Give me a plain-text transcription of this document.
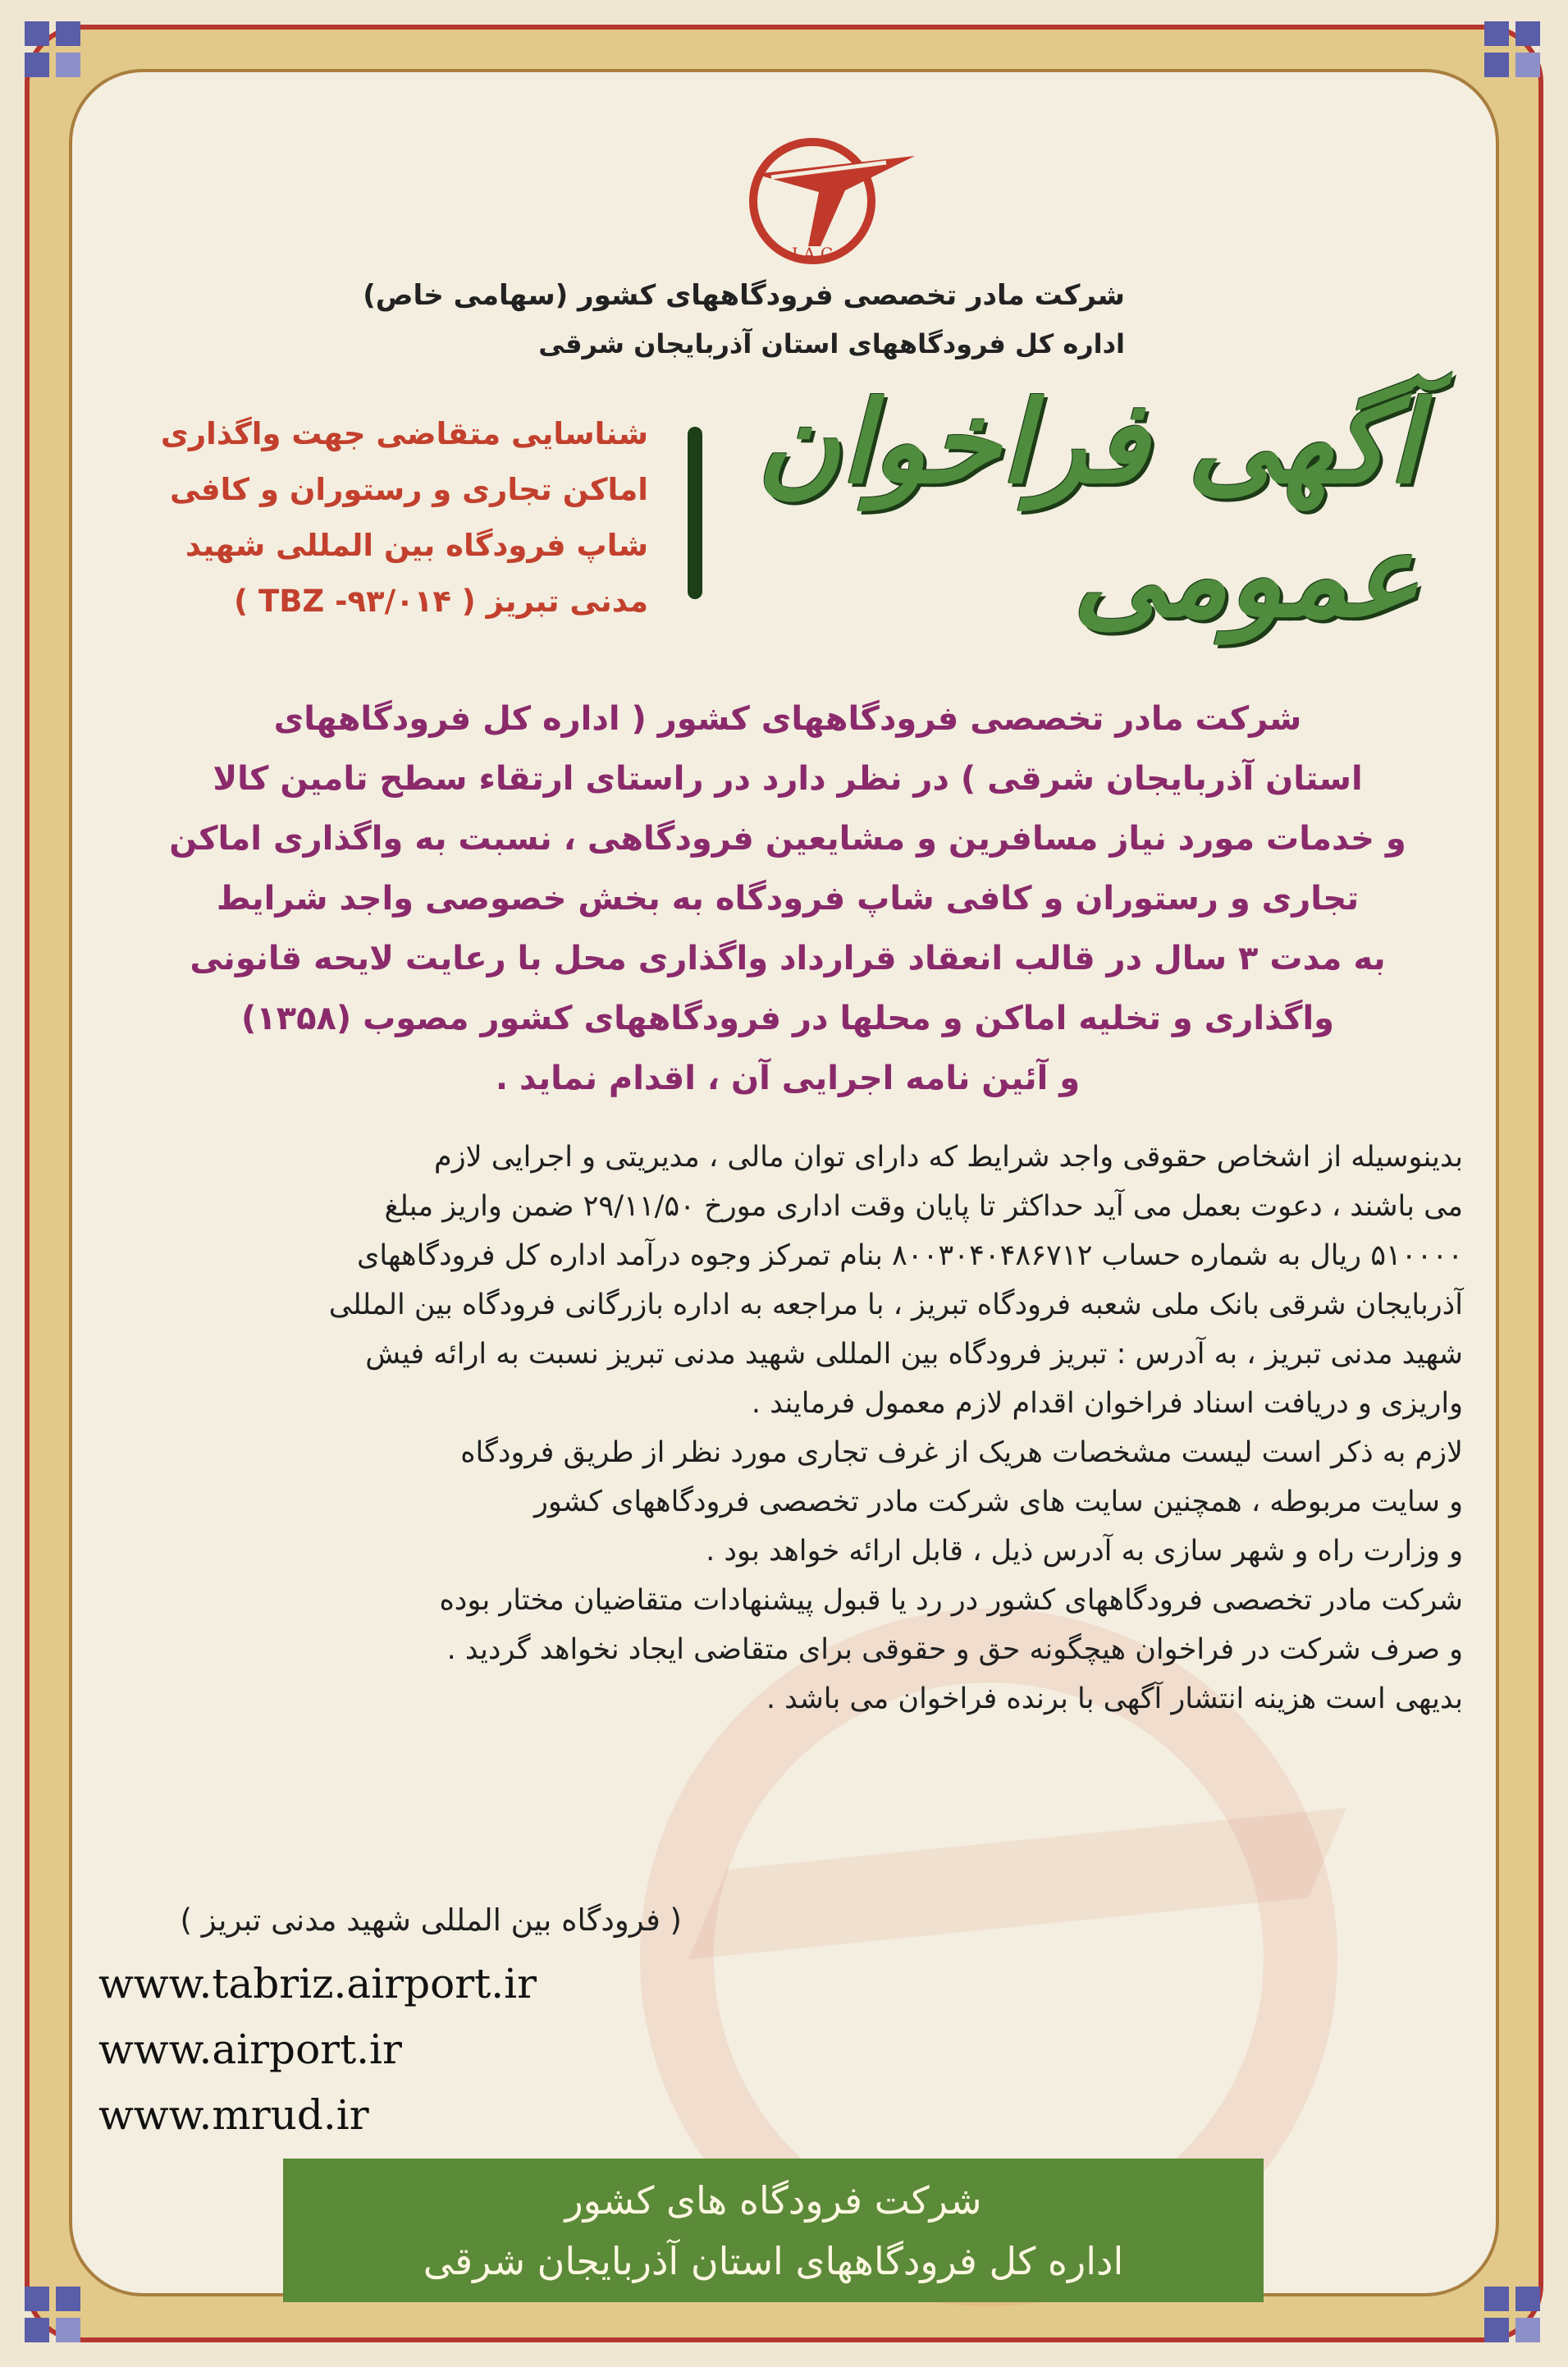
I A C
شرکت مادر تخصصی فرودگاههای کشور (سهامی خاص)
اداره کل فرودگاههای استان آذربایجان شرقی
آگهی فراخوان عمومی
شناسایی متقاضی جهت واگذاری
اماکن تجاری و رستوران و کافی
شاپ فرودگاه بین المللی شهید
مدنی تبریز ( TBZ -۹۳/۰۱۴ )
شرکت مادر تخصصی فرودگاههای کشور ( اداره کل فرودگاههای
استان آذربایجان شرقی ) در نظر دارد در راستای ارتقاء سطح تامین کالا
و خدمات مورد نیاز مسافرین و مشایعین فرودگاهی ، نسبت به واگذاری اماکن
تجاری و رستوران و کافی شاپ فرودگاه به بخش خصوصی واجد شرایط
به مدت ۳ سال در قالب انعقاد قرارداد واگذاری محل با رعایت لایحه قانونی
واگذاری و تخلیه اماکن و محلها در فرودگاههای کشور مصوب (۱۳۵۸)
و آئین نامه اجرایی آن ، اقدام نماید .
بدینوسیله از اشخاص حقوقی واجد شرایط که دارای توان مالی ، مدیریتی و اجرایی لازم
می باشند ، دعوت بعمل می آید حداکثر تا پایان وقت اداری مورخ ۲۹/۱۱/۵۰ ضمن واریز مبلغ
۵۱۰۰۰۰ ریال به شماره حساب ۸۰۰۳۰۴۰۴۸۶۷۱۲ بنام تمرکز وجوه درآمد اداره کل فرودگاههای
آذربایجان شرقی بانک ملی شعبه فرودگاه تبریز ، با مراجعه به اداره بازرگانی فرودگاه بین المللی
شهید مدنی تبریز ، به آدرس : تبریز فرودگاه بین المللی شهید مدنی تبریز نسبت به ارائه فیش
واریزی و دریافت اسناد فراخوان اقدام لازم معمول فرمایند .
لازم به ذکر است لیست مشخصات هریک از غرف تجاری مورد نظر از طریق فرودگاه
و سایت مربوطه ، همچنین سایت های شرکت مادر تخصصی فرودگاههای کشور
و وزارت راه و شهر سازی به آدرس ذیل ، قابل ارائه خواهد بود .
شرکت مادر تخصصی فرودگاههای کشور در رد یا قبول پیشنهادات متقاضیان مختار بوده
و صرف شرکت در فراخوان هیچگونه حق و حقوقی برای متقاضی ایجاد نخواهد گردید .
بدیهی است هزینه انتشار آگهی با برنده فراخوان می باشد .
( فرودگاه بین المللی شهید مدنی تبریز )
www.tabriz.airport.ir
www.airport.ir
www.mrud.ir
شرکت فرودگاه های کشور
اداره کل فرودگاههای استان آذربایجان شرقی
